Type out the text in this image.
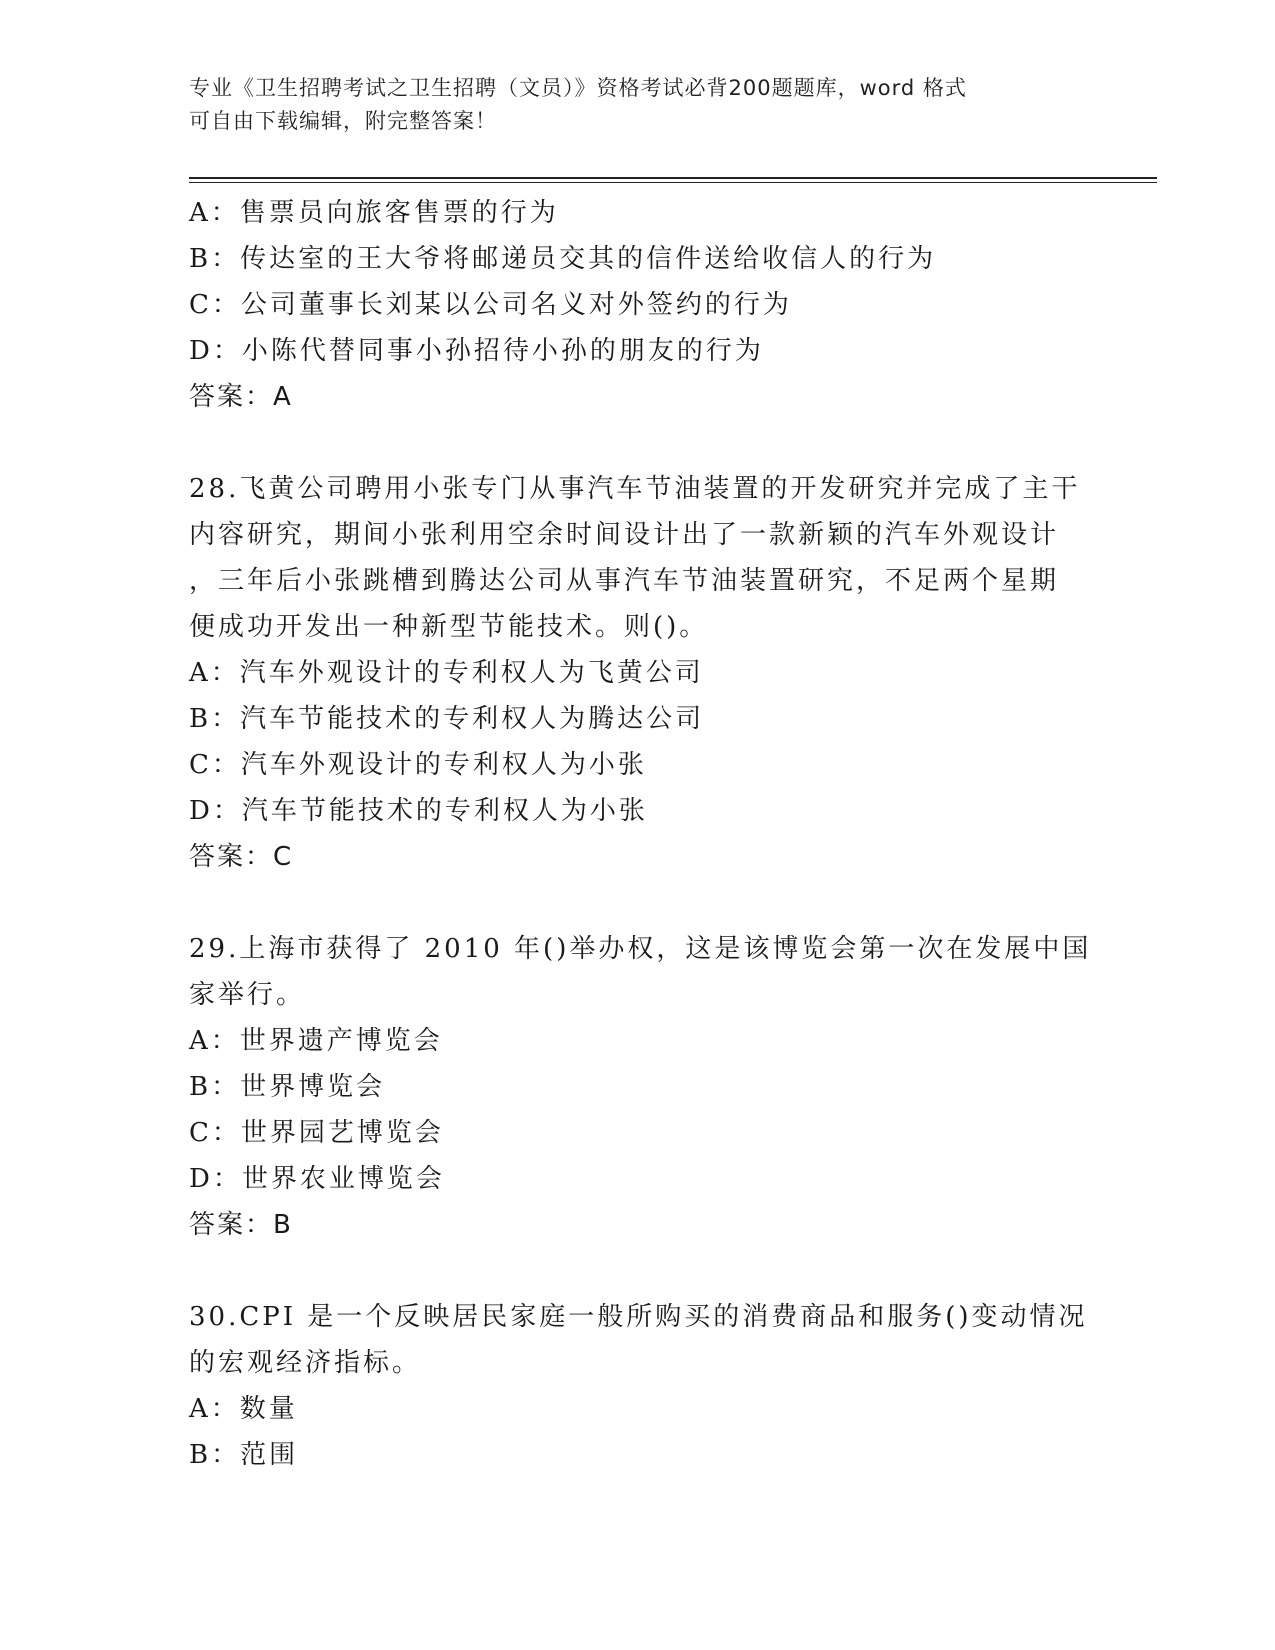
专业《卫生招聘考试之卫生招聘（文员）》资格考试必背200题题库，word 格式
可自由下载编辑，附完整答案！
A：售票员向旅客售票的行为
B：传达室的王大爷将邮递员交其的信件送给收信人的行为
C：公司董事长刘某以公司名义对外签约的行为
D：小陈代替同事小孙招待小孙的朋友的行为
答案：A
28.飞黄公司聘用小张专门从事汽车节油装置的开发研究并完成了主干
内容研究，期间小张利用空余时间设计出了一款新颖的汽车外观设计
，三年后小张跳槽到腾达公司从事汽车节油装置研究，不足两个星期
便成功开发出一种新型节能技术。则()。
A：汽车外观设计的专利权人为飞黄公司
B：汽车节能技术的专利权人为腾达公司
C：汽车外观设计的专利权人为小张
D：汽车节能技术的专利权人为小张
答案：C
29.上海市获得了 2010 年()举办权，这是该博览会第一次在发展中国
家举行。
A：世界遗产博览会
B：世界博览会
C：世界园艺博览会
D：世界农业博览会
答案：B
30.CPI 是一个反映居民家庭一般所购买的消费商品和服务()变动情况
的宏观经济指标。
A：数量
B：范围
